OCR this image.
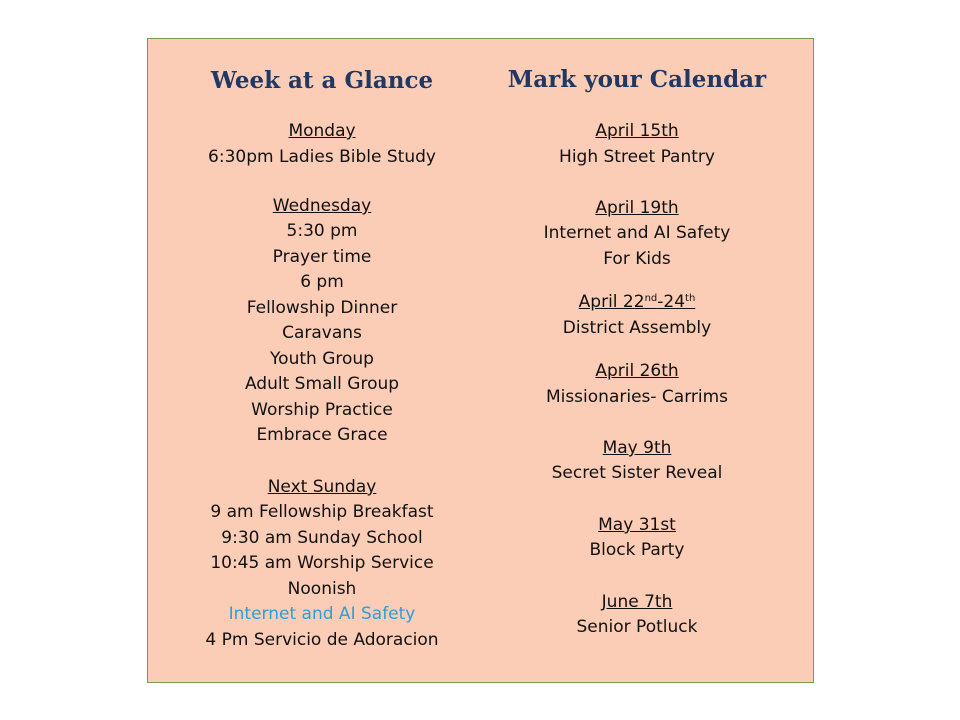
Week at a Glance
Monday
6:30pm Ladies Bible Study
Wednesday
5:30 pm
Prayer time
6 pm
Fellowship Dinner
Caravans
Youth Group
Adult Small Group
Worship Practice
Embrace Grace
Next Sunday
9 am Fellowship Breakfast
9:30 am Sunday School
10:45 am Worship Service
Noonish
Internet and AI Safety
4 Pm Servicio de Adoracion
Mark your Calendar
April 15th
High Street Pantry
April 19th
Internet and AI Safety
For Kids
April 22nd-24th
District Assembly
April 26th
Missionaries- Carrims
May 9th
Secret Sister Reveal
May 31st
Block Party
June 7th
Senior Potluck
